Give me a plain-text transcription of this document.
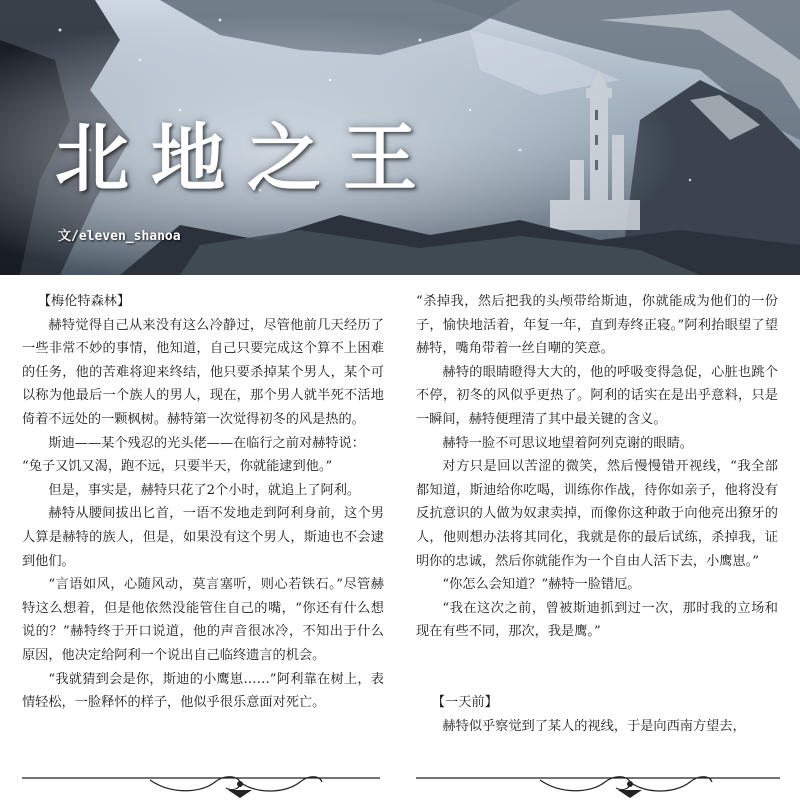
北地之王
文/eleven_shanoa

【梅伦特森林】

赫特觉得自己从来没有这么冷静过，尽管他前几天经历了一些非常不妙的事情，他知道，自己只要完成这个算不上困难的任务，他的苦难将迎来终结，他只要杀掉某个男人，某个可以称为他最后一个族人的男人，现在，那个男人就半死不活地倚着不远处的一颗枫树。赫特第一次觉得初冬的风是热的。

斯迪——某个残忍的光头佬——在临行之前对赫特说：

“兔子又饥又渴，跑不远，只要半天，你就能逮到他。”

但是，事实是，赫特只花了2个小时，就追上了阿利。

赫特从腰间拔出匕首，一语不发地走到阿利身前，这个男人算是赫特的族人，但是，如果没有这个男人，斯迪也不会逮到他们。

“言语如风，心随风动，莫言塞听，则心若铁石。”尽管赫特这么想着，但是他依然没能管住自己的嘴，“你还有什么想说的？”赫特终于开口说道，他的声音很冰冷，不知出于什么原因，他决定给阿利一个说出自己临终遗言的机会。

“我就猜到会是你，斯迪的小鹰崽……”阿利靠在树上，表情轻松，一脸释怀的样子，他似乎很乐意面对死亡。

“杀掉我，然后把我的头颅带给斯迪，你就能成为他们的一份子，愉快地活着，年复一年，直到寿终正寝。”阿利抬眼望了望赫特，嘴角带着一丝自嘲的笑意。

赫特的眼睛瞪得大大的，他的呼吸变得急促，心脏也跳个不停，初冬的风似乎更热了。阿利的话实在是出乎意料，只是一瞬间，赫特便理清了其中最关键的含义。

赫特一脸不可思议地望着阿列克谢的眼睛。

对方只是回以苦涩的微笑，然后慢慢错开视线，“我全部都知道，斯迪给你吃喝，训练你作战，待你如亲子，他将没有反抗意识的人做为奴隶卖掉，而像你这种敢于向他亮出獠牙的人，他则想办法将其同化，我就是你的最后试练，杀掉我，证明你的忠诚，然后你就能作为一个自由人活下去，小鹰崽。”

“你怎么会知道？”赫特一脸错厄。

“我在这次之前，曾被斯迪抓到过一次，那时我的立场和现在有些不同，那次，我是鹰。”

【一天前】

赫特似乎察觉到了某人的视线，于是向西南方望去，
